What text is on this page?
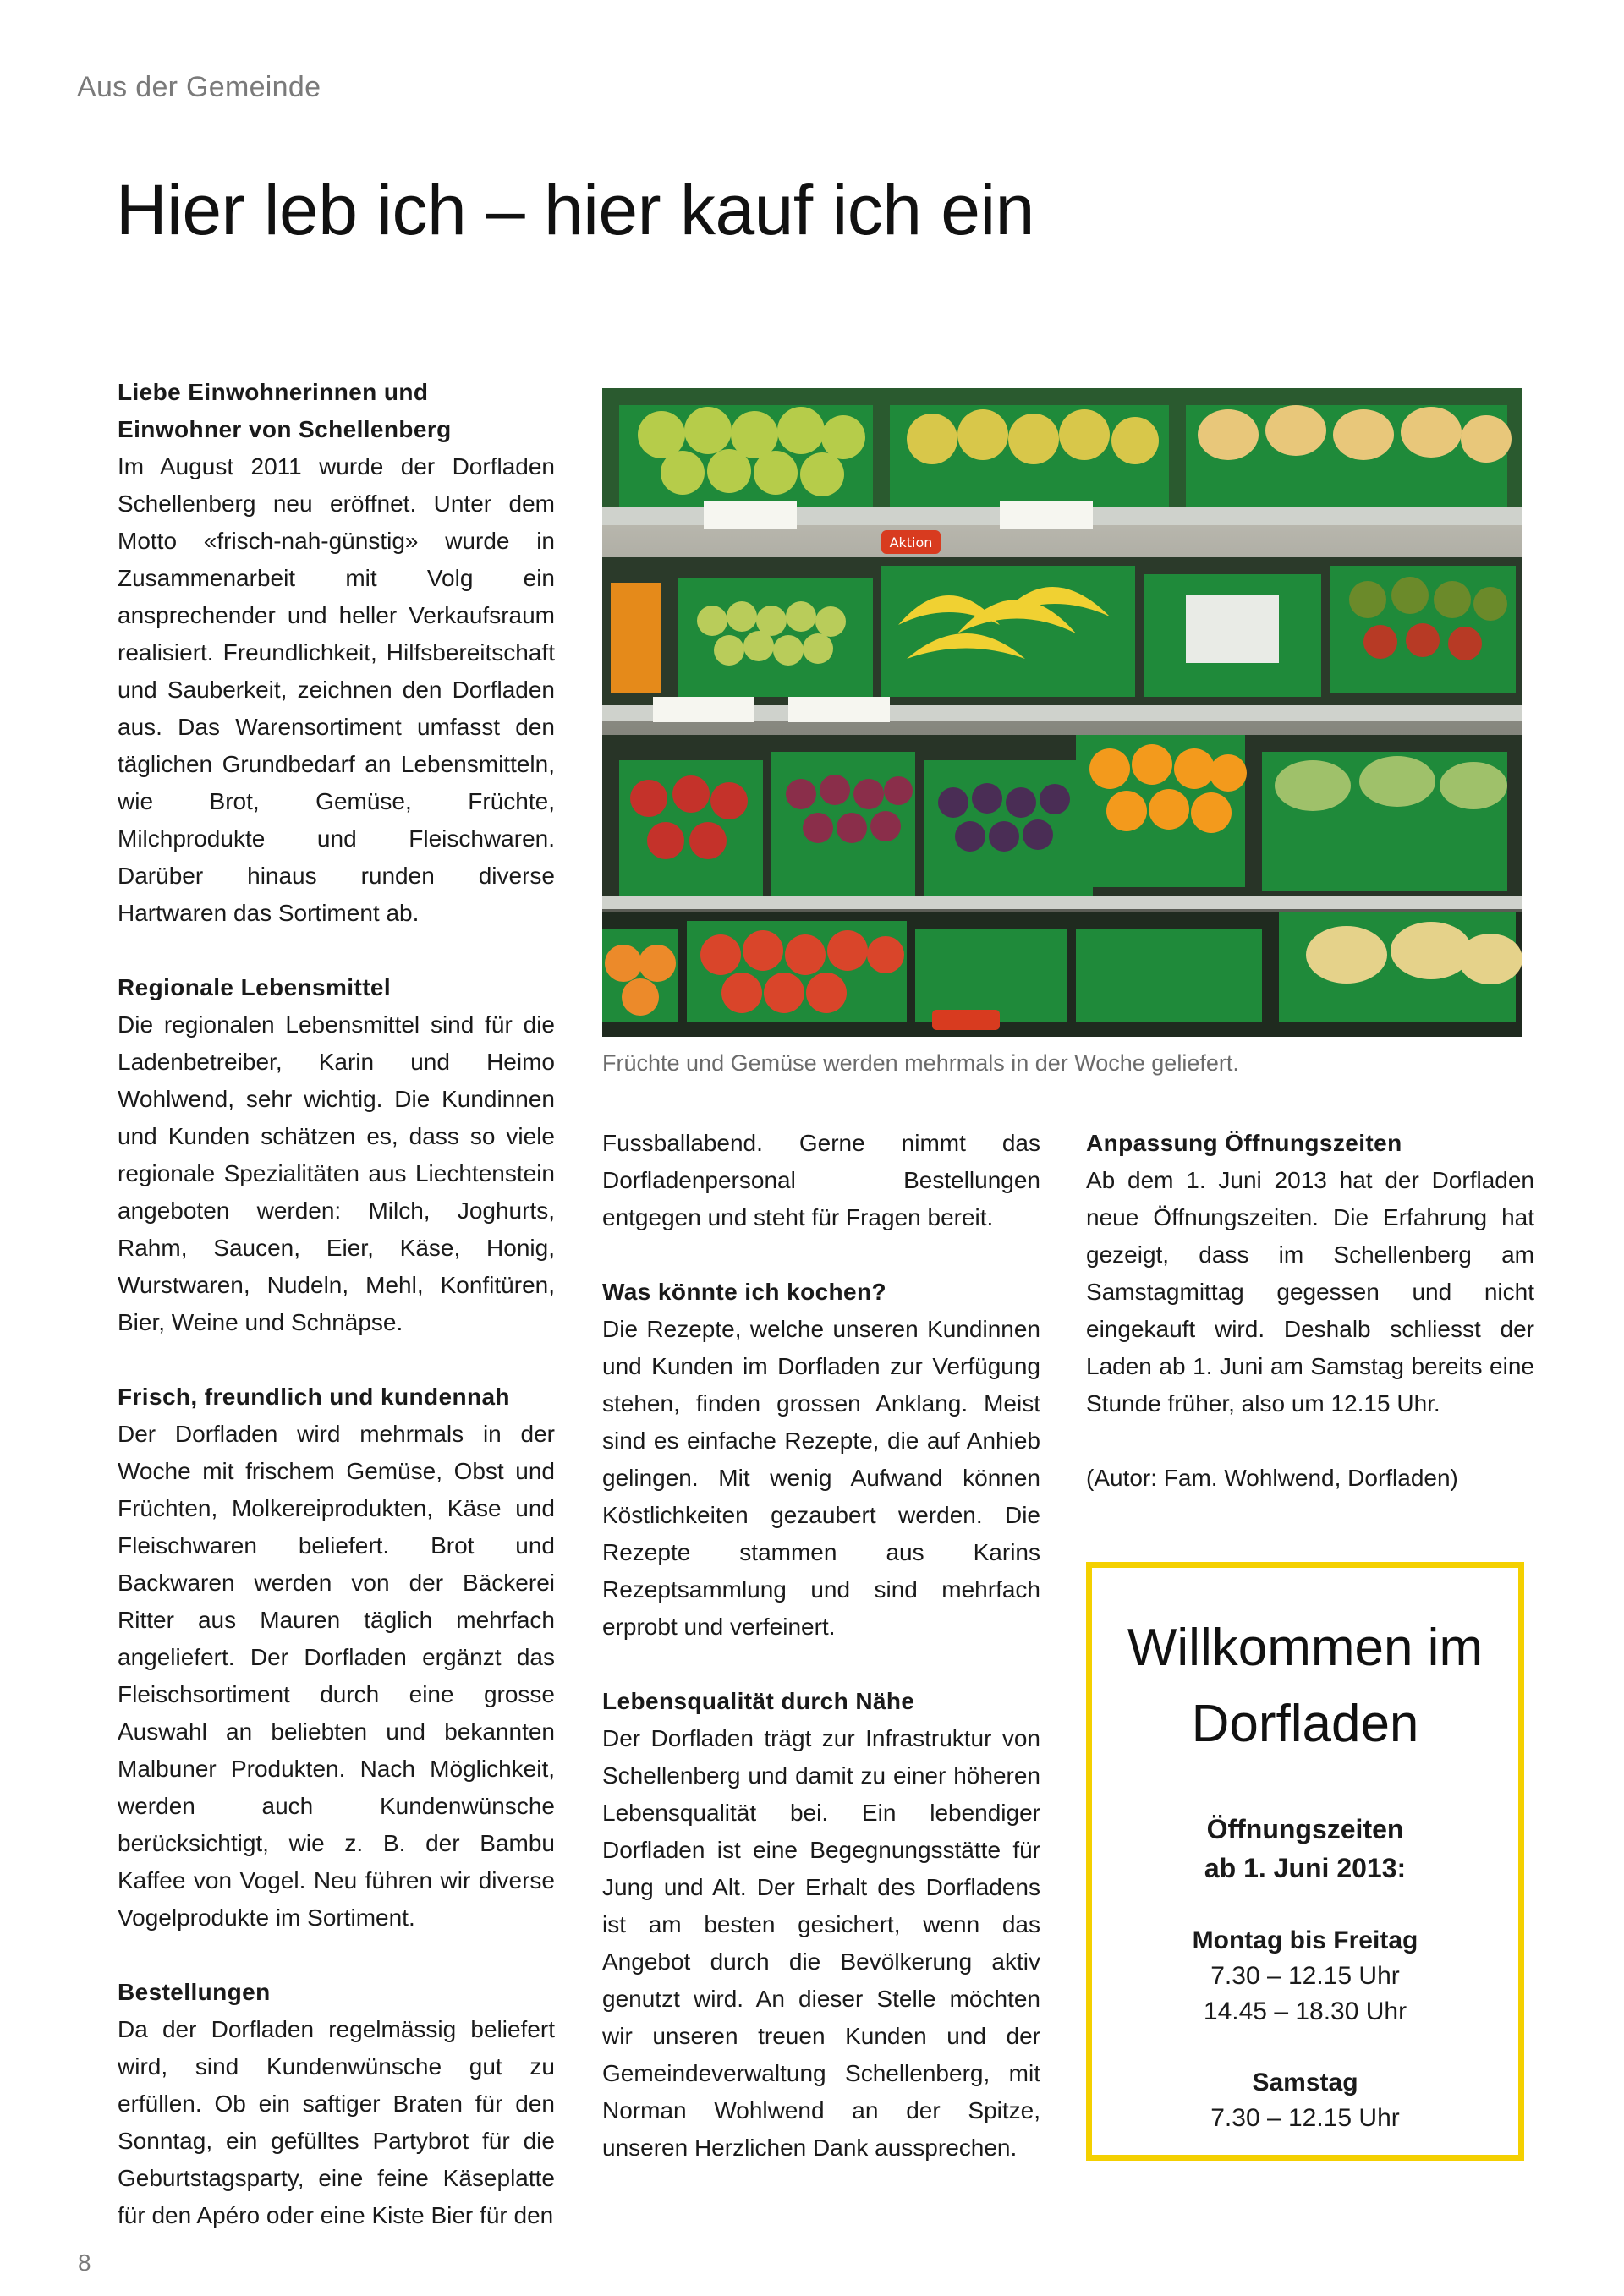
Aus der Gemeinde
Hier leb ich – hier kauf ich ein
Liebe Einwohnerinnen und Einwohner von Schellenberg

Im August 2011 wurde der Dorfladen Schellenberg neu eröffnet. Unter dem Motto «frisch-nah-günstig» wurde in Zusammenarbeit mit Volg ein ansprechender und heller Verkaufsraum realisiert. Freundlichkeit, Hilfsbereitschaft und Sauberkeit, zeichnen den Dorfladen aus. Das Warensortiment umfasst den täglichen Grundbedarf an Lebensmitteln, wie Brot, Gemüse, Früchte, Milchprodukte und Fleischwaren. Darüber hinaus runden diverse Hartwaren das Sortiment ab.

Regionale Lebensmittel

Die regionalen Lebensmittel sind für die Ladenbetreiber, Karin und Heimo Wohlwend, sehr wichtig. Die Kundinnen und Kunden schätzen es, dass so viele regionale Spezialitäten aus Liechtenstein angeboten werden: Milch, Joghurts, Rahm, Saucen, Eier, Käse, Honig, Wurstwaren, Nudeln, Mehl, Konfitüren, Bier, Weine und Schnäpse.

Frisch, freundlich und kundennah

Der Dorfladen wird mehrmals in der Woche mit frischem Gemüse, Obst und Früchten, Molkereiprodukten, Käse und Fleischwaren beliefert. Brot und Backwaren werden von der Bäckerei Ritter aus Mauren täglich mehrfach angeliefert. Der Dorfladen ergänzt das Fleischsortiment durch eine grosse Auswahl an beliebten und bekannten Malbuner Produkten. Nach Möglichkeit, werden auch Kundenwünsche berücksichtigt, wie z. B. der Bambu Kaffee von Vogel. Neu führen wir diverse Vogelprodukte im Sortiment.

Bestellungen

Da der Dorfladen regelmässig beliefert wird, sind Kundenwünsche gut zu erfüllen. Ob ein saftiger Braten für den Sonntag, ein gefülltes Partybrot für die Geburtstagsparty, eine feine Käseplatte für den Apéro oder eine Kiste Bier für den

Aktion
Früchte und Gemüse werden mehrmals in der Woche geliefert.

Fussballabend. Gerne nimmt das Dorfladenpersonal Bestellungen entgegen und steht für Fragen bereit.

Was könnte ich kochen?

Die Rezepte, welche unseren Kundinnen und Kunden im Dorfladen zur Verfügung stehen, finden grossen Anklang. Meist sind es einfache Rezepte, die auf Anhieb gelingen. Mit wenig Aufwand können Köstlichkeiten gezaubert werden. Die Rezepte stammen aus Karins Rezeptsammlung und sind mehrfach erprobt und verfeinert.

Lebensqualität durch Nähe

Der Dorfladen trägt zur Infrastruktur von Schellenberg und damit zu einer höheren Lebensqualität bei. Ein lebendiger Dorfladen ist eine Begegnungsstätte für Jung und Alt. Der Erhalt des Dorfladens ist am besten gesichert, wenn das Angebot durch die Bevölkerung aktiv genutzt wird. An dieser Stelle möchten wir unseren treuen Kunden und der Gemeindeverwaltung Schellenberg, mit Norman Wohlwend an der Spitze, unseren Herzlichen Dank aussprechen.

Anpassung Öffnungszeiten

Ab dem 1. Juni 2013 hat der Dorfladen neue Öffnungszeiten. Die Erfahrung hat gezeigt, dass im Schellenberg am Samstagmittag gegessen und nicht eingekauft wird. Deshalb schliesst der Laden ab 1. Juni am Samstag bereits eine Stunde früher, also um 12.15 Uhr.

(Autor: Fam. Wohlwend, Dorfladen)

Willkommen im
Dorfladen
Öffnungszeiten
ab 1. Juni 2013:
Montag bis Freitag
7.30 – 12.15 Uhr
14.45 – 18.30 Uhr
Samstag
7.30 – 12.15 Uhr
8
